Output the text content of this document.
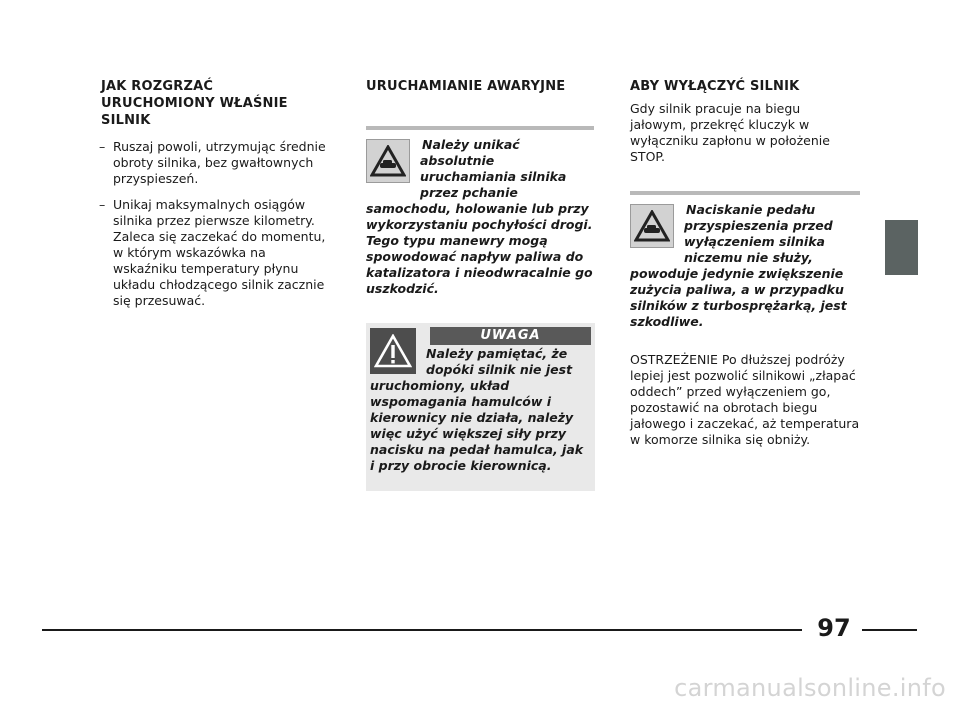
JAK ROZGRZAĆ URUCHOMIONY WŁAŚNIE SILNIK
– Ruszaj powoli, utrzymując średnie obroty silnika, bez gwałtownych przyspieszeń.
– Unikaj maksymalnych osiągów silnika przez pierwsze kilometry. Zaleca się zaczekać do momentu, w którym wskazówka na wskaźniku temperatury płynu układu chłodzącego silnik zacznie się przesuwać.
URUCHAMIANIE AWARYJNE
Należy unikać absolutnie uruchamiania silnika przez pchanie samochodu, holowanie lub przy wykorzystaniu pochyłości drogi. Tego typu manewry mogą spowodować napływ paliwa do katalizatora i nieodwracalnie go uszkodzić.
UWAGA
Należy pamiętać, że dopóki silnik nie jest uruchomiony, układ wspomagania hamulców i kierownicy nie działa, należy więc użyć większej siły przy nacisku na pedał hamulca, jak i przy obrocie kierownicą.
ABY WYŁĄCZYĆ SILNIK
Gdy silnik pracuje na biegu jałowym, przekręć kluczyk w wyłączniku zapłonu w położenie STOP.
Naciskanie pedału przyspieszenia przed wyłączeniem silnika niczemu nie służy, powoduje jedynie zwiększenie zużycia paliwa, a w przypadku silników z turbosprężarką, jest szkodliwe.
OSTRZEŻENIE Po dłuższej podróży lepiej jest pozwolić silnikowi „złapać oddech” przed wyłączeniem go, pozostawić na obrotach biegu jałowego i zaczekać, aż temperatura w komorze silnika się obniży.
97
carmanualsonline.info
